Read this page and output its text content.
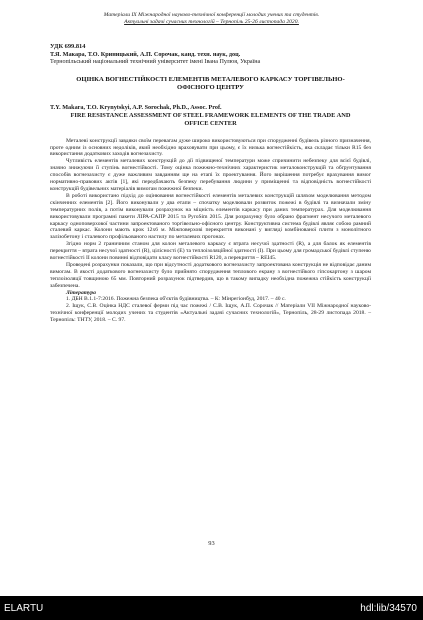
Матеріали IX Міжнародної науково-технічної конференції молодих учених та студентів.
Актуальні задачі сучасних технологій – Тернопіль 25-26 листопада 2020.
УДК 699.814
Т.Я. Макара, Т.О. Криницький, А.П. Сорочак, канд. техн. наук, доц.
Тернопільський національний технічний університет імені Івана Пулюя, Україна
ОЦІНКА ВОГНЕСТІЙКОСТІ ЕЛЕМЕНТІВ МЕТАЛЕВОГО КАРКАСУ ТОРГІВЕЛЬНО-ОФІСНОГО ЦЕНТРУ
T.Y. Makara, T.O. Krynytskyi, A.P. Sorochak, Ph.D., Assoc. Prof.
FIRE RESISTANCE ASSESSMENT OF STEEL FRAMEWORK ELEMENTS OF THE TRADE AND OFFICE CENTER

Металеві конструкції завдяки своїм перевагам дуже широко використовуються при спорудженні будівель різного призначення, проте одним із основних недоліків, який необхідно враховувати при цьому, є їх низька вогнестійкість, яка складає тільки R15 без використання додаткових заходів вогнезахисту.

Чутливість елементів металевих конструкцій до дії підвищеної температури може спричинити небезпеку для всієї будівлі, значно знижуючи її ступінь вогнестійкості. Тому оцінка пожежно-технічних характеристик металоконструкцій та обґрунтування способів вогнезахисту є дуже важливим завданням ще на етапі їх проектування. Його вирішення потребує врахування вимог нормативно-правових актів [1], які передбачають безпеку перебування людини у приміщенні та відповідність вогнестійкості конструкцій будівельних матеріалів вимогам пожежної безпеки.

В роботі використано підхід до оцінювання вогнестійкості елементів металевих конструкцій шляхом моделювання методом скінченних елементів [2]. Його виконували у два етапи – спочатку моделювали розвиток пожежі в будівлі та визначали зміну температурних полів, а потім виконували розрахунок на міцність елементів каркасу при даних температурах. Для моделювання використовували програмні пакети ЛІРА-САПР 2015 та PyroSim 2015. Для розрахунку було обрано фрагмент несучого металевого каркасу одноповерхової частини запроектованого торгівельно-офісного центру. Конструктивна система будівлі являє собою рамний сталевий каркас. Колони мають крок 12х6 м. Міжповерхові перекриття виконані у вигляді комбінованої плити з монолітного залізобетону і сталевого профільованого настилу по металевих прогонах.

Згідно норм 2 граничним станом для колон металевого каркасу є втрата несучої здатності (R), а для балок як елементів перекриття – втрата несучої здатності (R), цілісності (E) та теплоізоляційної здатності (I). При цьому для громадської будівлі ступеню вогнестійкості ІІ колони повинні відповідати класу вогнестійкості R120, а перекриття – REI45.

Проведені розрахунки показали, що при відсутності додаткового вогнезахисту запроектована конструкція не відповідає даним вимогам. В якості додаткового вогнезахисту було прийнято спорудження теплового екрану з вогнестійкого гіпсокартону з шаром теплоізоляції товщиною 65 мм. Повторний розрахунок підтвердив, що в такому випадку необхідна пожежна стійкість конструкції забезпечена.

Література

1. ДБН В.1.1-7:2016. Пожежна безпека об'єктів будівництва. – К: Мінрегіонбуд, 2017. – 40 с.

2. Іщук, С.В. Оцінка НДС сталевої ферми під час пожежі / С.В. Іщук, А.П. Сорочак // Матеріали VII Міжнародної науково-технічної конференції молодих учених та студентів «Актуальні задачі сучасних технологій», Тернопіль, 28-29 листопада 2018. – Тернопіль: ТНТУ, 2018. – С. 97.

93
ELARTU	hdl:lib/34570
